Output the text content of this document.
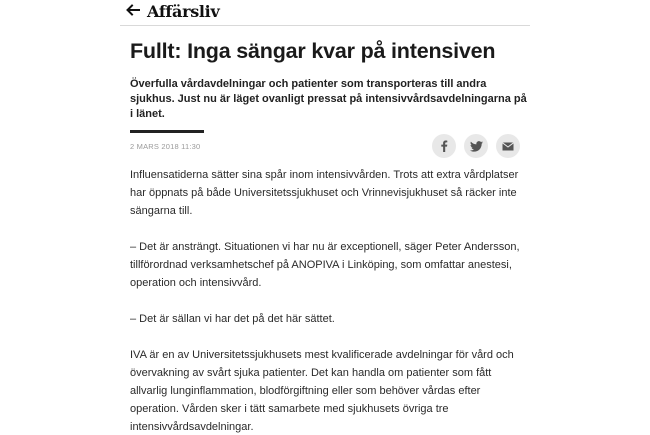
Affärsliv
Fullt: Inga sängar kvar på intensiven

Överfulla vårdavdelningar och patienter som transporteras till andra sjukhus. Just nu är läget ovanligt pressat på intensivvårdsavdelningarna på i länet.

2 MARS 2018 11:30

Influensatiderna sätter sina spår inom intensivvården. Trots att extra vårdplatser har öppnats på både Universitetssjukhuset och Vrinnevisjukhuset så räcker inte sängarna till.

– Det är ansträngt. Situationen vi har nu är exceptionell, säger Peter Andersson, tillförordnad verksamhetschef på ANOPIVA i Linköping, som omfattar anestesi, operation och intensivvård.

– Det är sällan vi har det på det här sättet.

IVA är en av Universitetssjukhusets mest kvalificerade avdelningar för vård och övervakning av svårt sjuka patienter. Det kan handla om patienter som fått allvarlig lunginflammation, blodförgiftning eller som behöver vårdas efter operation. Vården sker i tätt samarbete med sjukhusets övriga tre intensivvårdsavdelningar.
